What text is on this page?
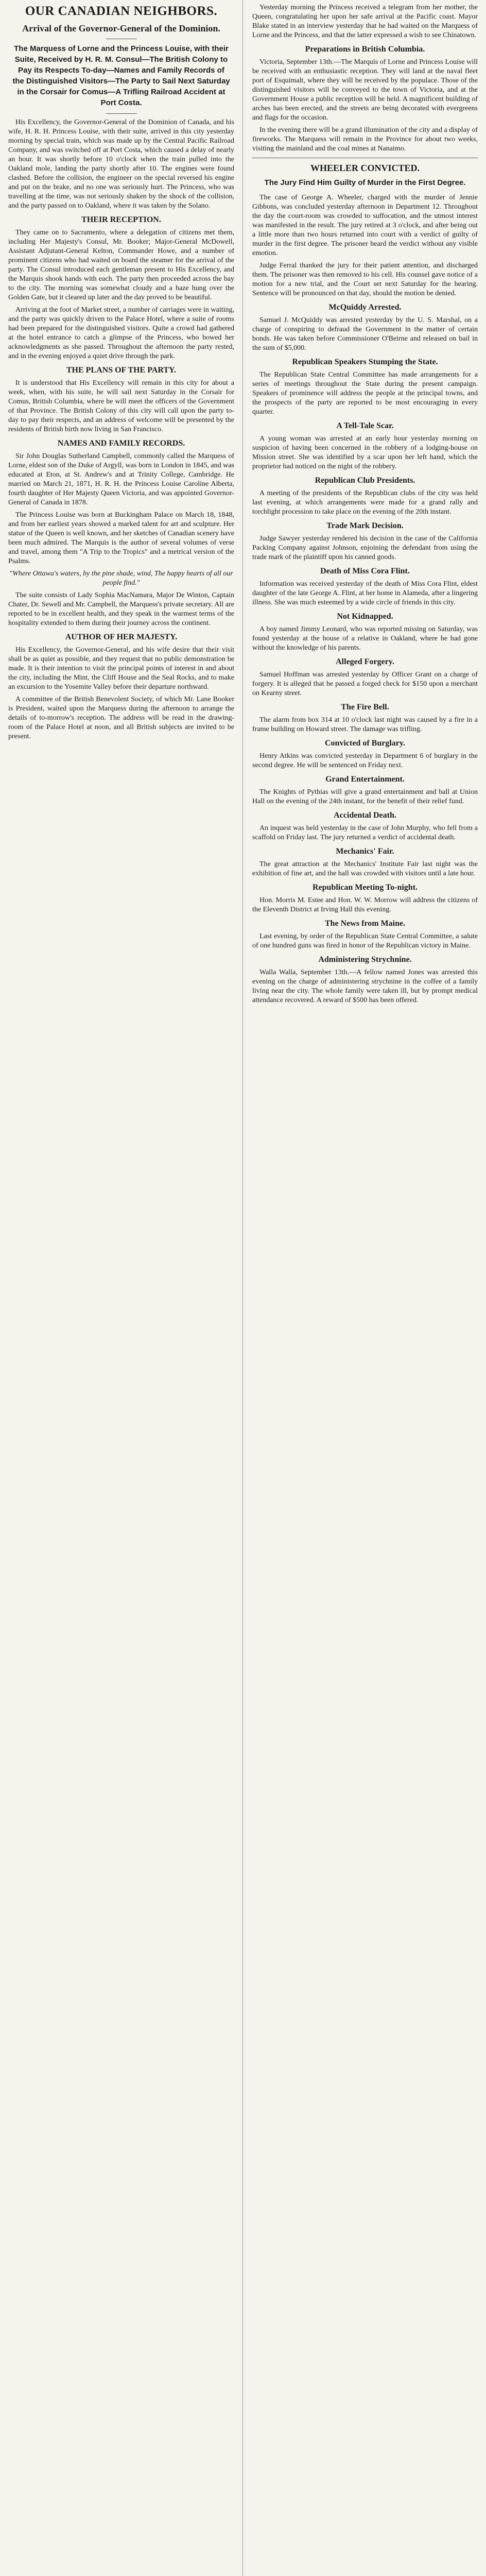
OUR CANADIAN NEIGHBORS.
Arrival of the Governor-General of the Dominion.
The Marquess of Lorne and the Princess Louise, with their Suite, Received by H. R. M. Consul—The British Colony to Pay its Respects To-day—Names and Family Records of the Distinguished Visitors—The Party to Sail Next Saturday in the Corsair for Comus—A Trifling Railroad Accident at Port Costa.

His Excellency, the Governor-General of the Dominion of Canada, and his wife, H. R. H. Princess Louise, with their suite, arrived in this city yesterday morning by special train, which was made up by the Central Pacific Railroad Company, and was switched off at Port Costa, which caused a delay of nearly an hour. It was shortly before 10 o'clock when the train pulled into the Oakland mole, landing the party shortly after 10. The engines were found clashed. Before the collision, the engineer on the special reversed his engine and put on the brake, and no one was seriously hurt. The Princess, who was travelling at the time, was not seriously shaken by the shock of the collision, and the party passed on to Oakland, where it was taken by the Solano.

THEIR RECEPTION.

They came on to Sacramento, where a delegation of citizens met them, including Her Majesty's Consul, Mr. Booker; Major-General McDowell, Assistant Adjutant-General Kelton, Commander Howe, and a number of prominent citizens who had waited on board the steamer for the arrival of the party. The Consul introduced each gentleman present to His Excellency, and the Marquis shook hands with each. The party then proceeded across the bay to the city. The morning was somewhat cloudy and a haze hung over the Golden Gate, but it cleared up later and the day proved to be beautiful.

Arriving at the foot of Market street, a number of carriages were in waiting, and the party was quickly driven to the Palace Hotel, where a suite of rooms had been prepared for the distinguished visitors. Quite a crowd had gathered at the hotel entrance to catch a glimpse of the Princess, who bowed her acknowledgments as she passed. Throughout the afternoon the party rested, and in the evening enjoyed a quiet drive through the park.

THE PLANS OF THE PARTY.

It is understood that His Excellency will remain in this city for about a week, when, with his suite, he will sail next Saturday in the Corsair for Comus, British Columbia, where he will meet the officers of the Government of that Province. The British Colony of this city will call upon the party to-day to pay their respects, and an address of welcome will be presented by the residents of British birth now living in San Francisco.

NAMES AND FAMILY RECORDS.

Sir John Douglas Sutherland Campbell, commonly called the Marquess of Lorne, eldest son of the Duke of Argyll, was born in London in 1845, and was educated at Eton, at St. Andrew's and at Trinity College, Cambridge. He married on March 21, 1871, H. R. H. the Princess Louise Caroline Alberta, fourth daughter of Her Majesty Queen Victoria, and was appointed Governor-General of Canada in 1878.

The Princess Louise was born at Buckingham Palace on March 18, 1848, and from her earliest years showed a marked talent for art and sculpture. Her statue of the Queen is well known, and her sketches of Canadian scenery have been much admired. The Marquis is the author of several volumes of verse and travel, among them "A Trip to the Tropics" and a metrical version of the Psalms.

"Where Ottawa's waters, by the pine shade, wind, The happy hearts of all our people find."

The suite consists of Lady Sophia MacNamara, Major De Winton, Captain Chater, Dr. Sewell and Mr. Campbell, the Marquess's private secretary. All are reported to be in excellent health, and they speak in the warmest terms of the hospitality extended to them during their journey across the continent.

AUTHOR OF HER MAJESTY.

His Excellency, the Governor-General, and his wife desire that their visit shall be as quiet as possible, and they request that no public demonstration be made. It is their intention to visit the principal points of interest in and about the city, including the Mint, the Cliff House and the Seal Rocks, and to make an excursion to the Yosemite Valley before their departure northward.

A committee of the British Benevolent Society, of which Mr. Lane Booker is President, waited upon the Marquess during the afternoon to arrange the details of to-morrow's reception. The address will be read in the drawing-room of the Palace Hotel at noon, and all British subjects are invited to be present.

Yesterday morning the Princess received a telegram from her mother, the Queen, congratulating her upon her safe arrival at the Pacific coast. Mayor Blake stated in an interview yesterday that he had waited on the Marquess of Lorne and the Princess, and that the latter expressed a wish to see Chinatown.

Preparations in British Columbia.

Victoria, September 13th.—The Marquis of Lorne and Princess Louise will be received with an enthusiastic reception. They will land at the naval fleet port of Esquimalt, where they will be received by the populace. Those of the distinguished visitors will be conveyed to the town of Victoria, and at the Government House a public reception will be held. A magnificent building of arches has been erected, and the streets are being decorated with evergreens and flags for the occasion.

In the evening there will be a grand illumination of the city and a display of fireworks. The Marquess will remain in the Province for about two weeks, visiting the mainland and the coal mines at Nanaimo.

WHEELER CONVICTED.
The Jury Find Him Guilty of Murder in the First Degree.

The case of George A. Wheeler, charged with the murder of Jennie Gibbons, was concluded yesterday afternoon in Department 12. Throughout the day the court-room was crowded to suffocation, and the utmost interest was manifested in the result. The jury retired at 3 o'clock, and after being out a little more than two hours returned into court with a verdict of guilty of murder in the first degree. The prisoner heard the verdict without any visible emotion.

Judge Ferral thanked the jury for their patient attention, and discharged them. The prisoner was then removed to his cell. His counsel gave notice of a motion for a new trial, and the Court set next Saturday for the hearing. Sentence will be pronounced on that day, should the motion be denied.

McQuiddy Arrested.

Samuel J. McQuiddy was arrested yesterday by the U. S. Marshal, on a charge of conspiring to defraud the Government in the matter of certain bonds. He was taken before Commissioner O'Beirne and released on bail in the sum of $5,000.

Republican Speakers Stumping the State.

The Republican State Central Committee has made arrangements for a series of meetings throughout the State during the present campaign. Speakers of prominence will address the people at the principal towns, and the prospects of the party are reported to be most encouraging in every quarter.

A Tell-Tale Scar.

A young woman was arrested at an early hour yesterday morning on suspicion of having been concerned in the robbery of a lodging-house on Mission street. She was identified by a scar upon her left hand, which the proprietor had noticed on the night of the robbery.

Republican Club Presidents.

A meeting of the presidents of the Republican clubs of the city was held last evening, at which arrangements were made for a grand rally and torchlight procession to take place on the evening of the 20th instant.

Trade Mark Decision.

Judge Sawyer yesterday rendered his decision in the case of the California Packing Company against Johnson, enjoining the defendant from using the trade mark of the plaintiff upon his canned goods.

Death of Miss Cora Flint.

Information was received yesterday of the death of Miss Cora Flint, eldest daughter of the late George A. Flint, at her home in Alameda, after a lingering illness. She was much esteemed by a wide circle of friends in this city.

Not Kidnapped.

A boy named Jimmy Leonard, who was reported missing on Saturday, was found yesterday at the house of a relative in Oakland, where he had gone without the knowledge of his parents.

Alleged Forgery.

Samuel Hoffman was arrested yesterday by Officer Grant on a charge of forgery. It is alleged that he passed a forged check for $150 upon a merchant on Kearny street.

The Fire Bell.

The alarm from box 314 at 10 o'clock last night was caused by a fire in a frame building on Howard street. The damage was trifling.

Convicted of Burglary.

Henry Atkins was convicted yesterday in Department 6 of burglary in the second degree. He will be sentenced on Friday next.

Grand Entertainment.

The Knights of Pythias will give a grand entertainment and ball at Union Hall on the evening of the 24th instant, for the benefit of their relief fund.

Accidental Death.

An inquest was held yesterday in the case of John Murphy, who fell from a scaffold on Friday last. The jury returned a verdict of accidental death.

Mechanics' Fair.

The great attraction at the Mechanics' Institute Fair last night was the exhibition of fine art, and the hall was crowded with visitors until a late hour.

Republican Meeting To-night.

Hon. Morris M. Estee and Hon. W. W. Morrow will address the citizens of the Eleventh District at Irving Hall this evening.

The News from Maine.

Last evening, by order of the Republican State Central Committee, a salute of one hundred guns was fired in honor of the Republican victory in Maine.

Administering Strychnine.

Walla Walla, September 13th.—A fellow named Jones was arrested this evening on the charge of administering strychnine in the coffee of a family living near the city. The whole family were taken ill, but by prompt medical attendance recovered. A reward of $500 has been offered.
